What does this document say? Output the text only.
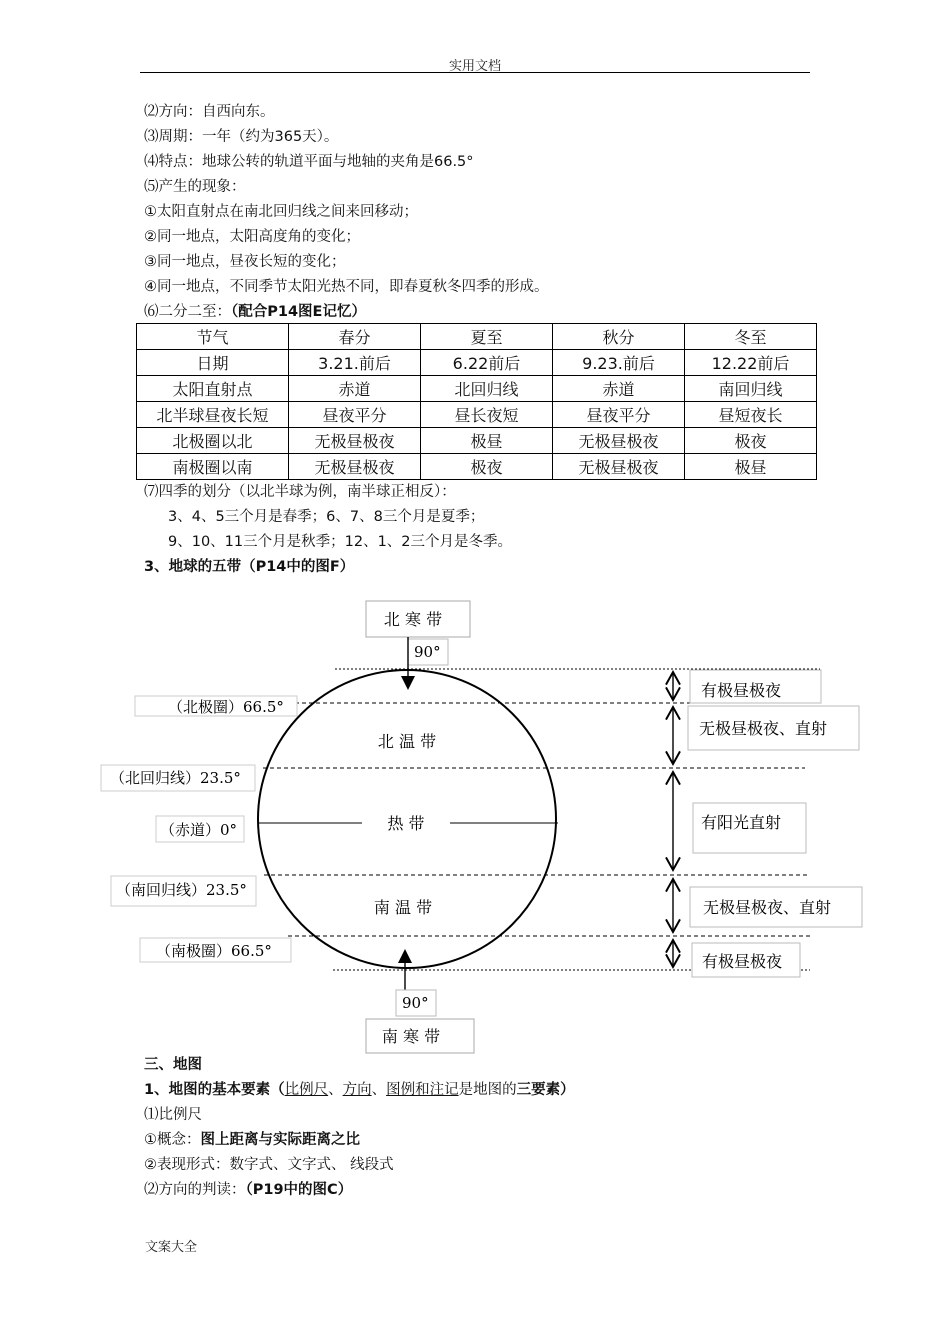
实用文档
⑵方向：自西向东。
⑶周期：一年（约为365天）。
⑷特点：地球公转的轨道平面与地轴的夹角是66.5°
⑸产生的现象：
①太阳直射点在南北回归线之间来回移动；
②同一地点，太阳高度角的变化；
③同一地点，昼夜长短的变化；
④同一地点，不同季节太阳光热不同，即春夏秋冬四季的形成。
⑹二分二至：（配合P14图E记忆）
节气	春分	夏至	秋分	冬至
日期	3.21.前后	6.22前后	9.23.前后	12.22前后
太阳直射点	赤道	北回归线	赤道	南回归线
北半球昼夜长短	昼夜平分	昼长夜短	昼夜平分	昼短夜长
北极圈以北	无极昼极夜	极昼	无极昼极夜	极夜
南极圈以南	无极昼极夜	极夜	无极昼极夜	极昼
⑺四季的划分（以北半球为例，南半球正相反）：
3、4、5三个月是春季；6、7、8三个月是夏季；
9、10、11三个月是秋季；12、1、2三个月是冬季。
3、地球的五带（P14中的图F）
北 温 带
热 带
南 温 带
北 寒 带
90°
90°
南 寒 带
（北极圈）66.5°
（北回归线）23.5°
（赤道）0°
（南回归线）23.5°
（南极圈）66.5°
有极昼极夜
无极昼极夜、直射
有阳光直射
无极昼极夜、直射
有极昼极夜
三、地图
1、地图的基本要素（比例尺、方向、图例和注记是地图的三要素）
⑴比例尺
①概念：图上距离与实际距离之比
②表现形式：数字式、文字式、 线段式
⑵方向的判读：（P19中的图C）
文案大全
